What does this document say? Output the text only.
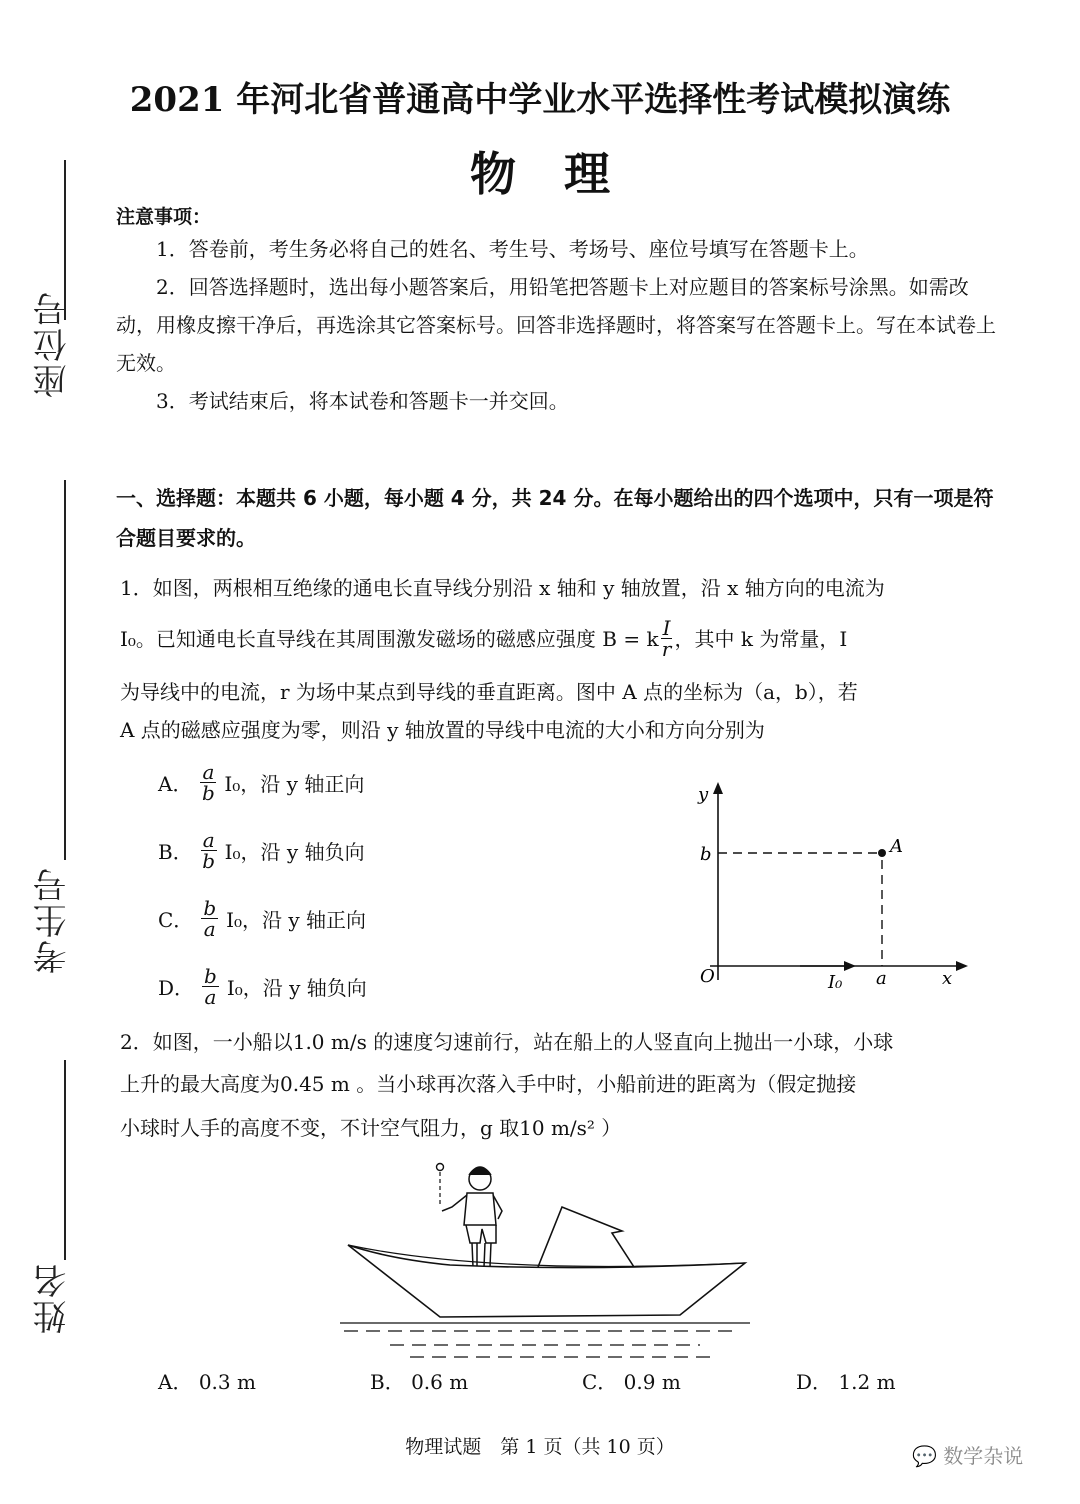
座位号
考生号
姓名
2021 年河北省普通高中学业水平选择性考试模拟演练
物理
注意事项：
1．答卷前，考生务必将自己的姓名、考生号、考场号、座位号填写在答题卡上。
2．回答选择题时，选出每小题答案后，用铅笔把答题卡上对应题目的答案标号涂黑。如需改动，用橡皮擦干净后，再选涂其它答案标号。回答非选择题时，将答案写在答题卡上。写在本试卷上无效。
3．考试结束后，将本试卷和答题卡一并交回。
一、选择题：本题共 6 小题，每小题 4 分，共 24 分。在每小题给出的四个选项中，只有一项是符合题目要求的。
1．如图，两根相互绝缘的通电长直导线分别沿 x 轴和 y 轴放置，沿 x 轴方向的电流为
I₀。已知通电长直导线在其周围激发磁场的磁感应强度 B = k $\frac{I}{r}$ ，其中 k 为常量，I
为导线中的电流，r 为场中某点到导线的垂直距离。图中 A 点的坐标为（a，b），若
A 点的磁感应强度为零，则沿 y 轴放置的导线中电流的大小和方向分别为
A． $\frac{a}{b} I_0$，沿 y 轴正向
B． $\frac{a}{b} I_0$，沿 y 轴负向
C． $\frac{b}{a} I_0$，沿 y 轴正向
D． $\frac{b}{a} I_0$，沿 y 轴负向
y
b	A
O	I₀ a	x
2．如图，一小船以1.0 m/s 的速度匀速前行，站在船上的人竖直向上抛出一小球，小球
上升的最大高度为0.45 m 。当小球再次落入手中时，小船前进的距离为（假定抛接
小球时人手的高度不变，不计空气阻力，g 取10 m/s² ）
A． 0.3 m	B． 0.6 m	C． 0.9 m	D． 1.2 m
物理试题　第 1 页（共 10 页）	💬 数学杂说
